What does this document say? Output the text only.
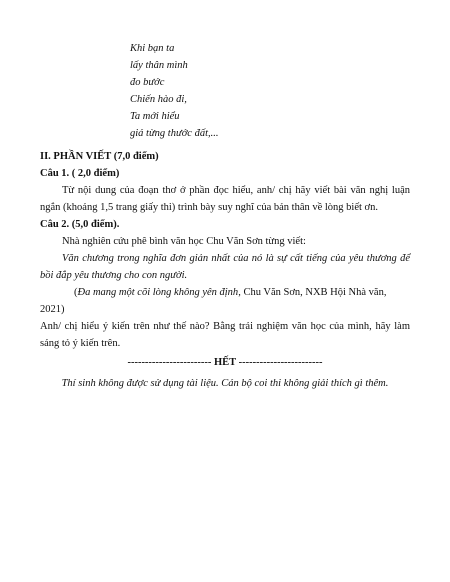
Khi bạn ta
lấy thân mình
đo bước
Chiến hào đi,
Ta mới hiểu
giá từng thước đất,...

II. PHẦN VIẾT (7,0 điểm)

Câu 1. ( 2,0 điểm)

Từ nội dung của đoạn thơ ở phần đọc hiểu, anh/ chị hãy viết bài văn nghị luận ngắn (khoảng 1,5 trang giấy thi) trình bày suy nghĩ của bản thân về lòng biết ơn.

Câu 2. (5,0 điểm).

Nhà nghiên cứu phê bình văn học Chu Văn Sơn từng viết:

Văn chương trong nghĩa đơn giản nhất của nó là sự cất tiếng của yêu thương để bồi đắp yêu thương cho con người.

(Đa mang một cõi lòng không yên định, Chu Văn Sơn, NXB Hội Nhà văn, 2021)

Anh/ chị hiểu ý kiến trên như thế nào? Bằng trải nghiệm văn học của mình, hãy làm sáng tỏ ý kiến trên.

------------------------ HẾT ------------------------

Thí sinh không được sử dụng tài liệu. Cán bộ coi thi không giải thích gì thêm.
